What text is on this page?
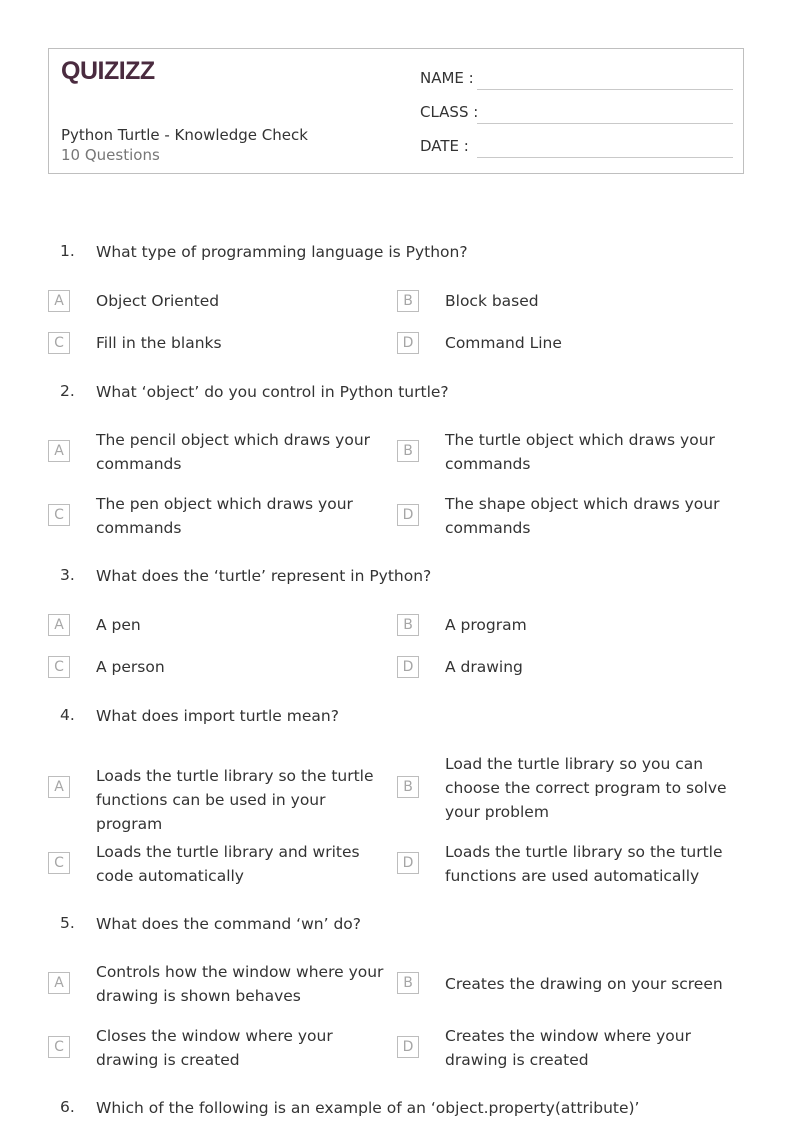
QUIZIZZ
Python Turtle - Knowledge Check
10 Questions
NAME :
CLASS :
DATE :
1. What type of programming language is Python?
A	Object Oriented	B	Block based
C	Fill in the blanks	D	Command Line
2. What ‘object’ do you control in Python turtle?
A
The pencil object which draws your commands
B
The turtle object which draws your commands
C
The pen object which draws your commands
D
The shape object which draws your commands
3. What does the ‘turtle’ represent in Python?
A	A pen	B	A program
C	A person	D	A drawing
4. What does import turtle mean?
A
Loads the turtle library so the turtle functions can be used in your program
B
Load the turtle library so you can choose the correct program to solve your problem
C
Loads the turtle library and writes code automatically
D
Loads the turtle library so the turtle functions are used automatically
5. What does the command ‘wn’ do?
A
Controls how the window where your drawing is shown behaves
B	Creates the drawing on your screen
C
Closes the window where your drawing is created
D
Creates the window where your drawing is created
6. Which of the following is an example of an ‘object.property(attribute)’
